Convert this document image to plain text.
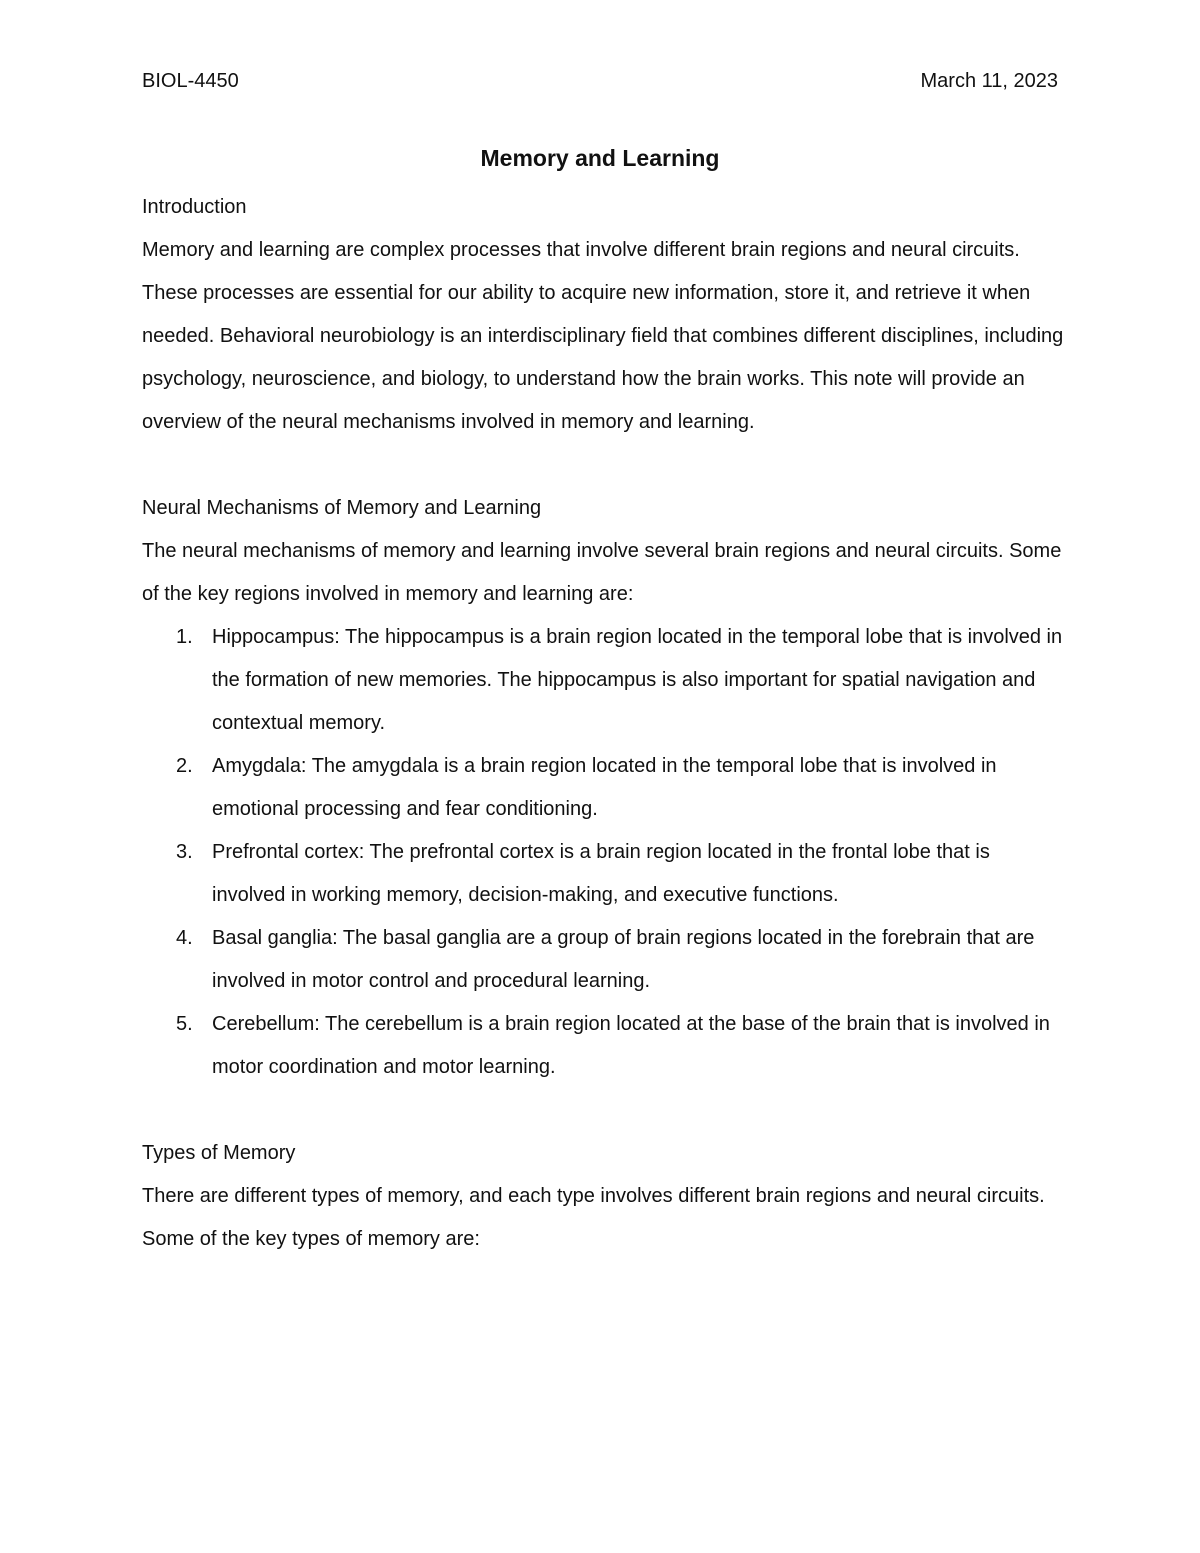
BIOL-4450	March 11, 2023
Memory and Learning

Introduction

Memory and learning are complex processes that involve different brain regions and neural circuits. These processes are essential for our ability to acquire new information, store it, and retrieve it when needed. Behavioral neurobiology is an interdisciplinary field that combines different disciplines, including psychology, neuroscience, and biology, to understand how the brain works. This note will provide an overview of the neural mechanisms involved in memory and learning.

Neural Mechanisms of Memory and Learning

The neural mechanisms of memory and learning involve several brain regions and neural circuits. Some of the key regions involved in memory and learning are:

1. Hippocampus: The hippocampus is a brain region located in the temporal lobe that is involved in the formation of new memories. The hippocampus is also important for spatial navigation and contextual memory.
2. Amygdala: The amygdala is a brain region located in the temporal lobe that is involved in emotional processing and fear conditioning.
3. Prefrontal cortex: The prefrontal cortex is a brain region located in the frontal lobe that is involved in working memory, decision-making, and executive functions.
4. Basal ganglia: The basal ganglia are a group of brain regions located in the forebrain that are involved in motor control and procedural learning.
5. Cerebellum: The cerebellum is a brain region located at the base of the brain that is involved in motor coordination and motor learning.

Types of Memory

There are different types of memory, and each type involves different brain regions and neural circuits. Some of the key types of memory are:
